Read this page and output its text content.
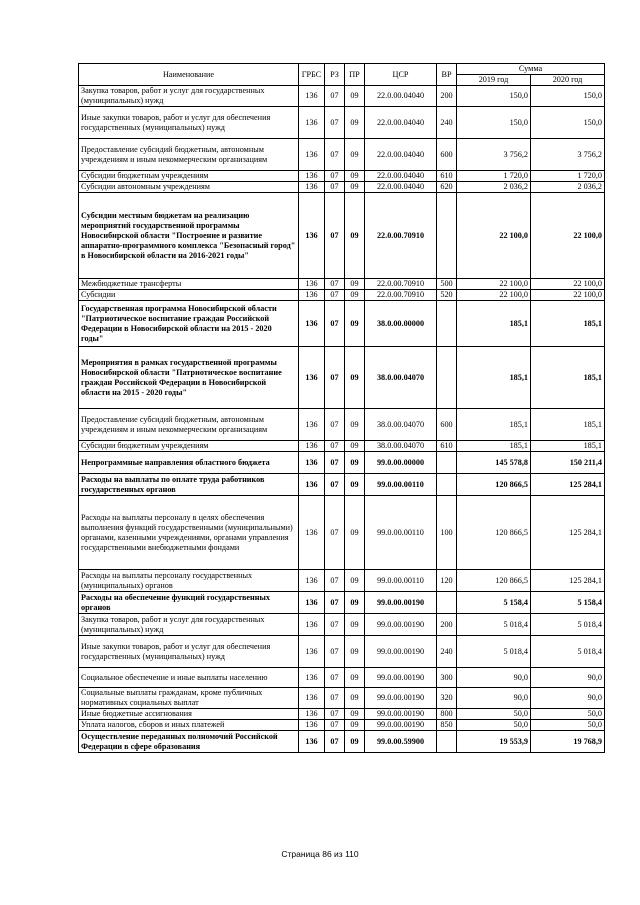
Наименование	ГРБС	РЗ	ПР	ЦСР	ВР	Сумма	
						2019 год	2020 год
Закупка товаров, работ и услуг для государственных (муниципальных) нужд	136	07	09	22.0.00.04040	200	150,0	150,0
Иные закупки товаров, работ и услуг для обеспечения государственных (муниципальных) нужд	136	07	09	22.0.00.04040	240	150,0	150,0
Предоставление субсидий бюджетным, автономным учреждениям и иным некоммерческим организациям	136	07	09	22.0.00.04040	600	3 756,2	3 756,2
Субсидии бюджетным учреждениям	136	07	09	22.0.00.04040	610	1 720,0	1 720,0
Субсидии автономным учреждениям	136	07	09	22.0.00.04040	620	2 036,2	2 036,2
Субсидии местным бюджетам на реализацию мероприятий государственной программы Новосибирской области "Построение и развитие аппаратно-программного комплекса "Безопасный город" в Новосибирской области на 2016-2021 годы"	136	07	09	22.0.00.70910		22 100,0	22 100,0
Межбюджетные трансферты	136	07	09	22.0.00.70910	500	22 100,0	22 100,0
Субсидии	136	07	09	22.0.00.70910	520	22 100,0	22 100,0
Государственная программа Новосибирской области "Патриотическое воспитание граждан Российской Федерации в Новосибирской области на 2015 - 2020 годы"	136	07	09	38.0.00.00000		185,1	185,1
Мероприятия в рамках государственной программы Новосибирской области "Патриотическое воспитание граждан Российской Федерации в Новосибирской области на 2015 - 2020 годы"	136	07	09	38.0.00.04070		185,1	185,1
Предоставление субсидий бюджетным, автономным учреждениям и иным некоммерческим организациям	136	07	09	38.0.00.04070	600	185,1	185,1
Субсидии бюджетным учреждениям	136	07	09	38.0.00.04070	610	185,1	185,1
Непрограммные направления областного бюджета	136	07	09	99.0.00.00000		145 578,8	150 211,4
Расходы на выплаты по оплате труда работников государственных органов	136	07	09	99.0.00.00110		120 866,5	125 284,1
Расходы на выплаты персоналу в целях обеспечения выполнения функций государственными (муниципальными) органами, казенными учреждениями, органами управления государственными внебюджетными фондами	136	07	09	99.0.00.00110	100	120 866,5	125 284,1
Расходы на выплаты персоналу государственных (муниципальных) органов	136	07	09	99.0.00.00110	120	120 866,5	125 284,1
Расходы на обеспечение функций государственных органов	136	07	09	99.0.00.00190		5 158,4	5 158,4
Закупка товаров, работ и услуг для государственных (муниципальных) нужд	136	07	09	99.0.00.00190	200	5 018,4	5 018,4
Иные закупки товаров, работ и услуг для обеспечения государственных (муниципальных) нужд	136	07	09	99.0.00.00190	240	5 018,4	5 018,4
Социальное обеспечение и иные выплаты населению	136	07	09	99.0.00.00190	300	90,0	90,0
Социальные выплаты гражданам, кроме публичных нормативных социальных выплат	136	07	09	99.0.00.00190	320	90,0	90,0
Иные бюджетные ассигнования	136	07	09	99.0.00.00190	800	50,0	50,0
Уплата налогов, сборов и иных платежей	136	07	09	99.0.00.00190	850	50,0	50,0
Осуществление переданных полномочий Российской Федерации в сфере образования	136	07	09	99.0.00.59900		19 553,9	19 768,9
Страница 86 из 110
